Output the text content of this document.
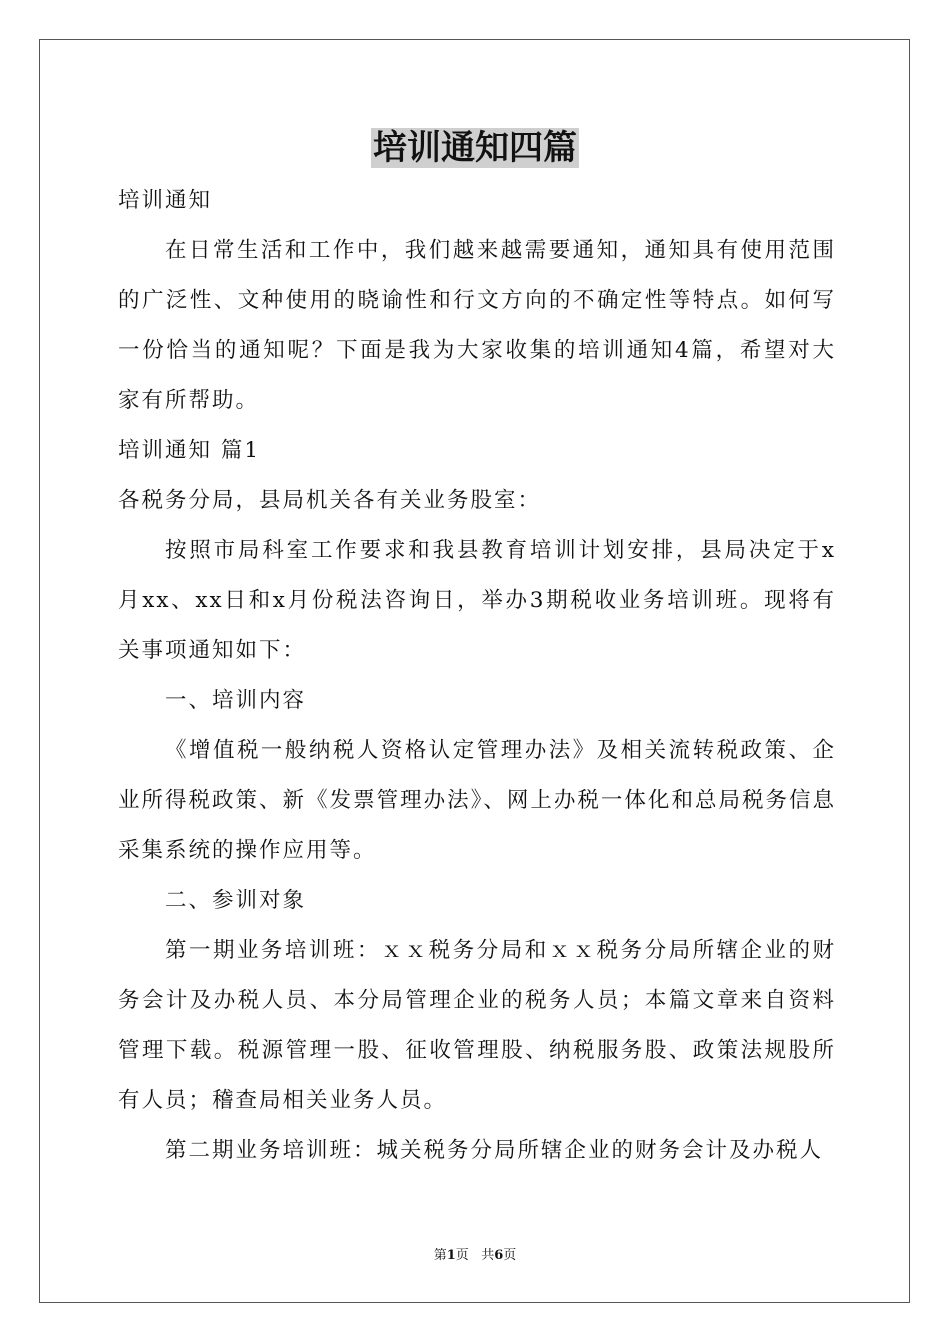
培训通知四篇

培训通知

在日常生活和工作中，我们越来越需要通知，通知具有使用范围的广泛性、文种使用的晓谕性和行文方向的不确定性等特点。如何写一份恰当的通知呢？下面是我为大家收集的培训通知4篇，希望对大家有所帮助。

培训通知 篇1

各税务分局，县局机关各有关业务股室：

按照市局科室工作要求和我县教育培训计划安排，县局决定于x月xx、xx日和x月份税法咨询日，举办3期税收业务培训班。现将有关事项通知如下：

一、培训内容

《增值税一般纳税人资格认定管理办法》及相关流转税政策、企业所得税政策、新《发票管理办法》、网上办税一体化和总局税务信息采集系统的操作应用等。

二、参训对象

第一期业务培训班：ｘｘ税务分局和ｘｘ税务分局所辖企业的财务会计及办税人员、本分局管理企业的税务人员；本篇文章来自资料管理下载。税源管理一股、征收管理股、纳税服务股、政策法规股所有人员；稽查局相关业务人员。

第二期业务培训班：城关税务分局所辖企业的财务会计及办税人

第1页 共6页
